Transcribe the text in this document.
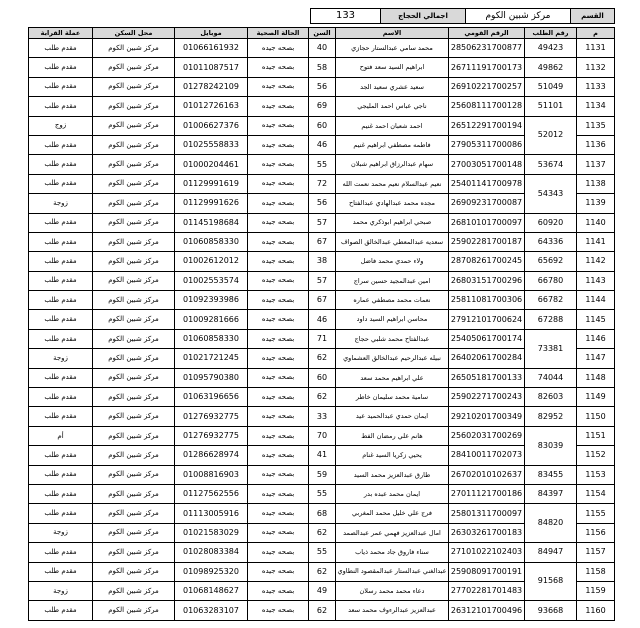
133	اجمالي الحجاج	مركز شبين الكوم	القسم
عملة القرابة	محل السكن	موبايل	الحالة الصحية	السن	الاسم	الرقم القومي	رقم الطلب	م
مقدم طلب	مركز شبين الكوم	01066161932	بصحه جيده	40	محمد سامي عبدالستار حجازي	28506231700877	49423	1131
مقدم طلب	مركز شبين الكوم	01011087517	بصحه جيده	58	ابراهيم السيد سعد فتوح	26711191700173	49862	1132
مقدم طلب	مركز شبين الكوم	01278242109	بصحه جيده	56	سعيد عشري سعيد الجد	26910221700257	51049	1133
مقدم طلب	مركز شبين الكوم	01012726163	بصحه جيده	69	ناجي عباس احمد المليجي	25608111700128	51101	1134
زوج	مركز شبين الكوم	01006627376	بصحه جيده	60	احمد شعبان احمد غنيم	26512291700194	52012	1135
مقدم طلب	مركز شبين الكوم	01025558833	بصحه جيده	46	فاطمه مصطفي ابراهيم غنيم	27905311700086		1136
مقدم طلب	مركز شبين الكوم	01000204461	بصحه جيده	55	سهام عبدالرزاق ابراهيم شبلان	27003051700148	53674	1137
مقدم طلب	مركز شبين الكوم	01129991619	بصحه جيده	72	نعيم عبدالسلام نعيم محمد نعمت الله	25401141700978	54343	1138
زوجة	مركز شبين الكوم	01129991626	بصحه جيده	56	مجده محمد عبدالهادي عبدالفتاح	26909231700087		1139
مقدم طلب	مركز شبين الكوم	01145198684	بصحه جيده	57	صبحي ابراهيم ابوذكري محمد	26810101700097	60920	1140
مقدم طلب	مركز شبين الكوم	01060858330	بصحه جيده	67	سعديه عبدالمعطي عبدالخالق الصواف	25902281700187	64336	1141
مقدم طلب	مركز شبين الكوم	01002612012	بصحه جيده	38	ولاء حمدي محمد فاضل	28708261700245	65692	1142
مقدم طلب	مركز شبين الكوم	01002553574	بصحه جيده	57	امين عبدالمجيد حسين سراج	26803151700296	66780	1143
مقدم طلب	مركز شبين الكوم	01092393986	بصحه جيده	67	نعمات محمد مصطفي عماره	25811081700306	66782	1144
مقدم طلب	مركز شبين الكوم	01009281666	بصحه جيده	46	محاسن ابراهيم السيد داود	27912101700624	67288	1145
مقدم طلب	مركز شبين الكوم	01060858330	بصحه جيده	71	عبدالفتاح محمد شلبي حجاج	25405061700174	73381	1146
زوجة	مركز شبين الكوم	01021721245	بصحه جيده	62	نبيله عبدالرحيم عبدالخالق العشماوي	26402061700284		1147
مقدم طلب	مركز شبين الكوم	01095790380	بصحه جيده	60	علي ابراهيم محمد سعد	26505181700133	74044	1148
مقدم طلب	مركز شبين الكوم	01063196656	بصحه جيده	62	سامية محمد سليمان خاطر	25902271700243	82603	1149
مقدم طلب	مركز شبين الكوم	01276932775	بصحه جيده	33	ايمان حمدي عبدالحميد عيد	29210201700349	82952	1150
أم	مركز شبين الكوم	01276932775	بصحه جيده	70	هانم علي رمضان الفط	25602031700269	83039	1151
مقدم طلب	مركز شبين الكوم	01286628974	بصحه جيده	41	يحيي زكريا السيد غنام	28410011702073		1152
مقدم طلب	مركز شبين الكوم	01008816903	بصحه جيده	59	طارق عبدالعزيز محمد السيد	26702010102637	83455	1153
مقدم طلب	مركز شبين الكوم	01127562556	بصحه جيده	55	ايمان محمد عبده بدر	27011121700186	84397	1154
مقدم طلب	مركز شبين الكوم	01113005916	بصحه جيده	68	فرج علي خليل محمد المغربي	25801311700097	84820	1155
زوجة	مركز شبين الكوم	01021583029	بصحه جيده	62	امال عبدالعزيز فهمي عمر عبدالصمد	26303261700183		1156
مقدم طلب	مركز شبين الكوم	01028083384	بصحه جيده	55	سناء فاروق جاد محمد ذياب	27101022102403	84947	1157
مقدم طلب	مركز شبين الكوم	01098925320	بصحه جيده	62	عبدالغني عبدالستار عبدالمقصود النطاوي	25908091700191	91568	1158
زوجة	مركز شبين الكوم	01068148627	بصحه جيده	49	دعاء محمد محمد رسلان	27702281701483		1159
مقدم طلب	مركز شبين الكوم	01063283107	بصحه جيده	62	عبدالعزيز عبدالرءوف محمد سعد	26312101700496	93668	1160
